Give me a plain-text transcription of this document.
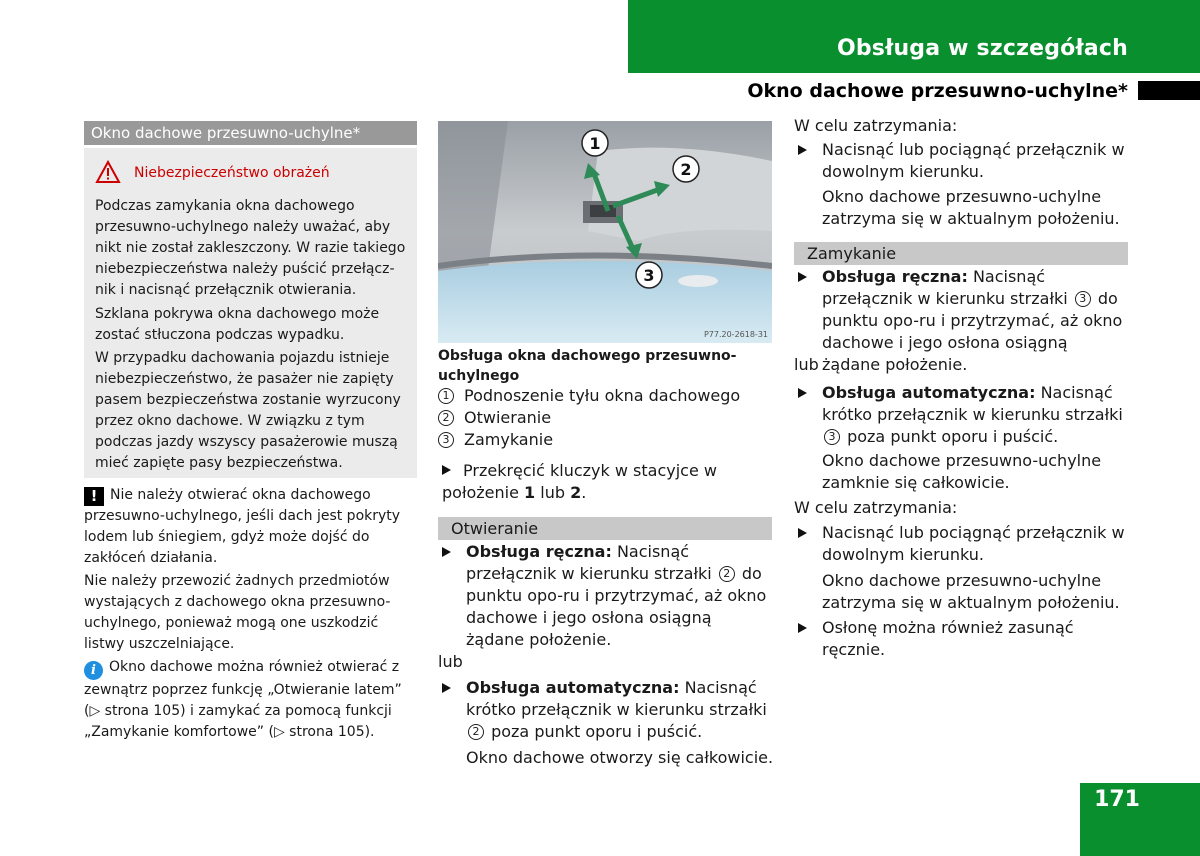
Obsługa w szczegółach
Okno dachowe przesuwno-uchylne*
Okno dachowe przesuwno-uchylne*
Niebezpieczeństwo obrażeń
Podczas zamykania okna dachowego przesuwno-uchylnego należy uważać, aby nikt nie został zakleszczony. W razie takiego niebezpieczeństwa należy puścić przełącz-nik i nacisnąć przełącznik otwierania.
Szklana pokrywa okna dachowego może zostać stłuczona podczas wypadku.
W przypadku dachowania pojazdu istnieje niebezpieczeństwo, że pasażer nie zapięty pasem bezpieczeństwa zostanie wyrzucony przez okno dachowe. W związku z tym podczas jazdy wszyscy pasażerowie muszą mieć zapięte pasy bezpieczeństwa.
! Nie należy otwierać okna dachowego przesuwno-uchylnego, jeśli dach jest pokryty lodem lub śniegiem, gdyż może dojść do zakłóceń działania.
Nie należy przewozić żadnych przedmiotów wystających z dachowego okna przesuwno-uchylnego, ponieważ mogą one uszkodzić listwy uszczelniające.
i Okno dachowe można również otwierać z zewnątrz poprzez funkcję „Otwieranie latem” (▷ strona 105) i zamykać za pomocą funkcji „Zamykanie komfortowe” (▷ strona 105).
1
2
3
P77.20-2618-31
Obsługa okna dachowego przesuwno-uchylnego
1 Podnoszenie tyłu okna dachowego
2 Otwieranie
3 Zamykanie
Przekręcić kluczyk w stacyjce w położenie 1 lub 2.
Otwieranie
Obsługa ręczna: Nacisnąć przełącznik w kierunku strzałki 2 do punktu opo-ru i przytrzymać, aż okno dachowe i jego osłona osiągną żądane położenie.
lub
Obsługa automatyczna: Nacisnąć krótko przełącznik w kierunku strzałki 2 poza punkt oporu i puścić.
Okno dachowe otworzy się całkowicie.
W celu zatrzymania:
Nacisnąć lub pociągnąć przełącznik w dowolnym kierunku.
Okno dachowe przesuwno-uchylne zatrzyma się w aktualnym położeniu.
Zamykanie
Obsługa ręczna: Nacisnąć przełącznik w kierunku strzałki 3 do punktu opo-ru i przytrzymać, aż okno dachowe i jego osłona osiągną żądane położenie.
lub
Obsługa automatyczna: Nacisnąć krótko przełącznik w kierunku strzałki 3 poza punkt oporu i puścić.
Okno dachowe przesuwno-uchylne zamknie się całkowicie.
W celu zatrzymania:
Nacisnąć lub pociągnąć przełącznik w dowolnym kierunku.
Okno dachowe przesuwno-uchylne zatrzyma się w aktualnym położeniu.
Osłonę można również zasunąć ręcznie.
171
